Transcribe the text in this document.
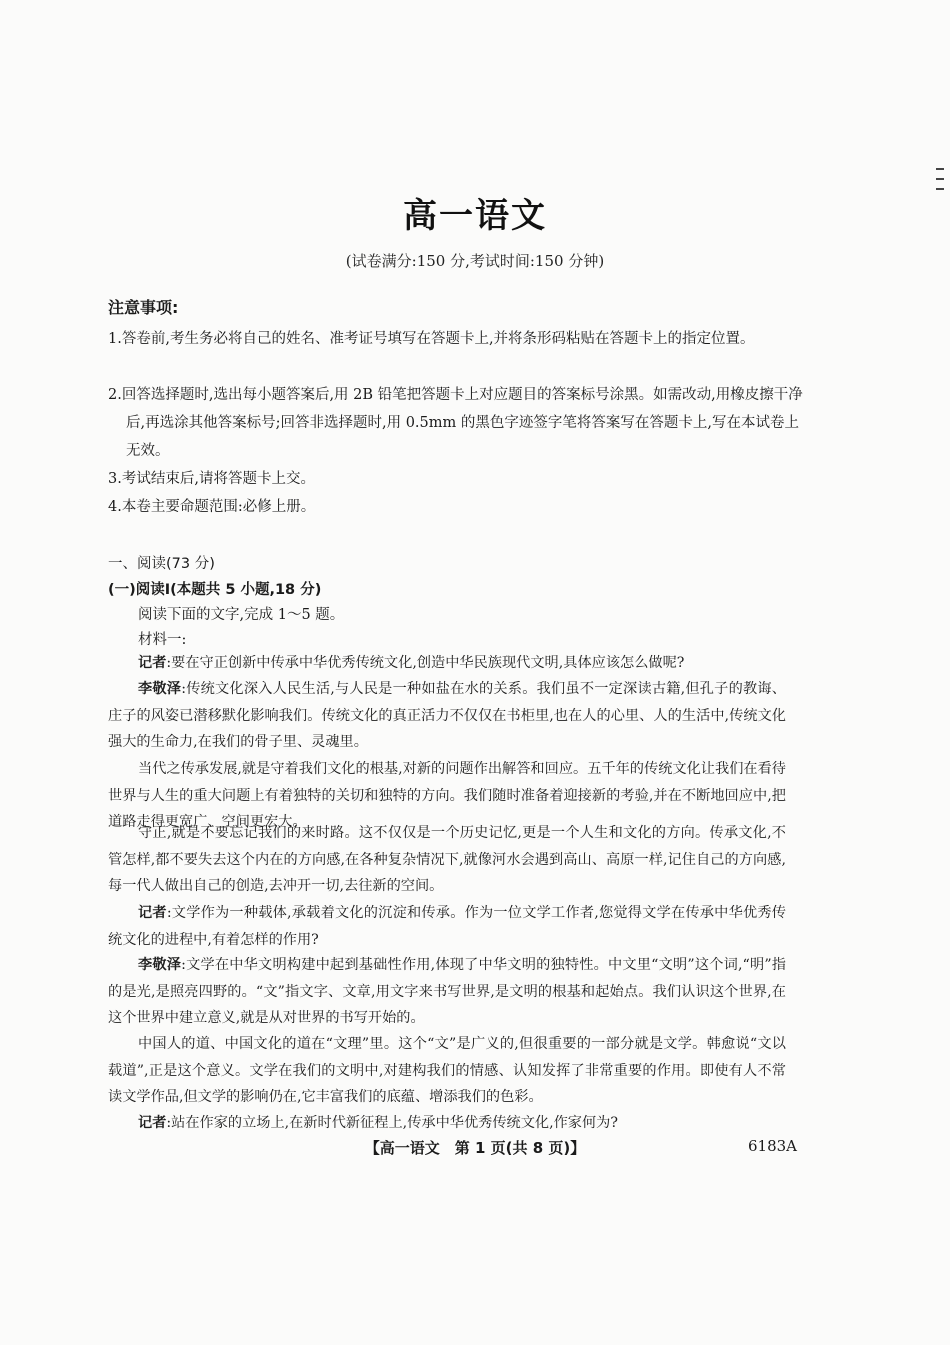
高一语文
(试卷满分:150 分,考试时间:150 分钟)
注意事项:
1.答卷前,考生务必将自己的姓名、准考证号填写在答题卡上,并将条形码粘贴在答题卡上的指定位置。
2.回答选择题时,选出每小题答案后,用 2B 铅笔把答题卡上对应题目的答案标号涂黑。如需改动,用橡皮擦干净后,再选涂其他答案标号;回答非选择题时,用 0.5mm 的黑色字迹签字笔将答案写在答题卡上,写在本试卷上无效。
3.考试结束后,请将答题卡上交。
4.本卷主要命题范围:必修上册。
一、阅读(73 分)
(一)阅读Ⅰ(本题共 5 小题,18 分)
阅读下面的文字,完成 1～5 题。
材料一:
记者:要在守正创新中传承中华优秀传统文化,创造中华民族现代文明,具体应该怎么做呢?
李敬泽:传统文化深入人民生活,与人民是一种如盐在水的关系。我们虽不一定深读古籍,但孔子的教诲、庄子的风姿已潜移默化影响我们。传统文化的真正活力不仅仅在书柜里,也在人的心里、人的生活中,传统文化强大的生命力,在我们的骨子里、灵魂里。
当代之传承发展,就是守着我们文化的根基,对新的问题作出解答和回应。五千年的传统文化让我们在看待世界与人生的重大问题上有着独特的关切和独特的方向。我们随时准备着迎接新的考验,并在不断地回应中,把道路走得更宽广、空间更宏大。
守正,就是不要忘记我们的来时路。这不仅仅是一个历史记忆,更是一个人生和文化的方向。传承文化,不管怎样,都不要失去这个内在的方向感,在各种复杂情况下,就像河水会遇到高山、高原一样,记住自己的方向感,每一代人做出自己的创造,去冲开一切,去往新的空间。
记者:文学作为一种载体,承载着文化的沉淀和传承。作为一位文学工作者,您觉得文学在传承中华优秀传统文化的进程中,有着怎样的作用?
李敬泽:文学在中华文明构建中起到基础性作用,体现了中华文明的独特性。中文里“文明”这个词,“明”指的是光,是照亮四野的。“文”指文字、文章,用文字来书写世界,是文明的根基和起始点。我们认识这个世界,在这个世界中建立意义,就是从对世界的书写开始的。
中国人的道、中国文化的道在“文理”里。这个“文”是广义的,但很重要的一部分就是文学。韩愈说“文以载道”,正是这个意义。文学在我们的文明中,对建构我们的情感、认知发挥了非常重要的作用。即使有人不常读文学作品,但文学的影响仍在,它丰富我们的底蕴、增添我们的色彩。
记者:站在作家的立场上,在新时代新征程上,传承中华优秀传统文化,作家何为?
【高一语文　第 1 页(共 8 页)】	6183A
